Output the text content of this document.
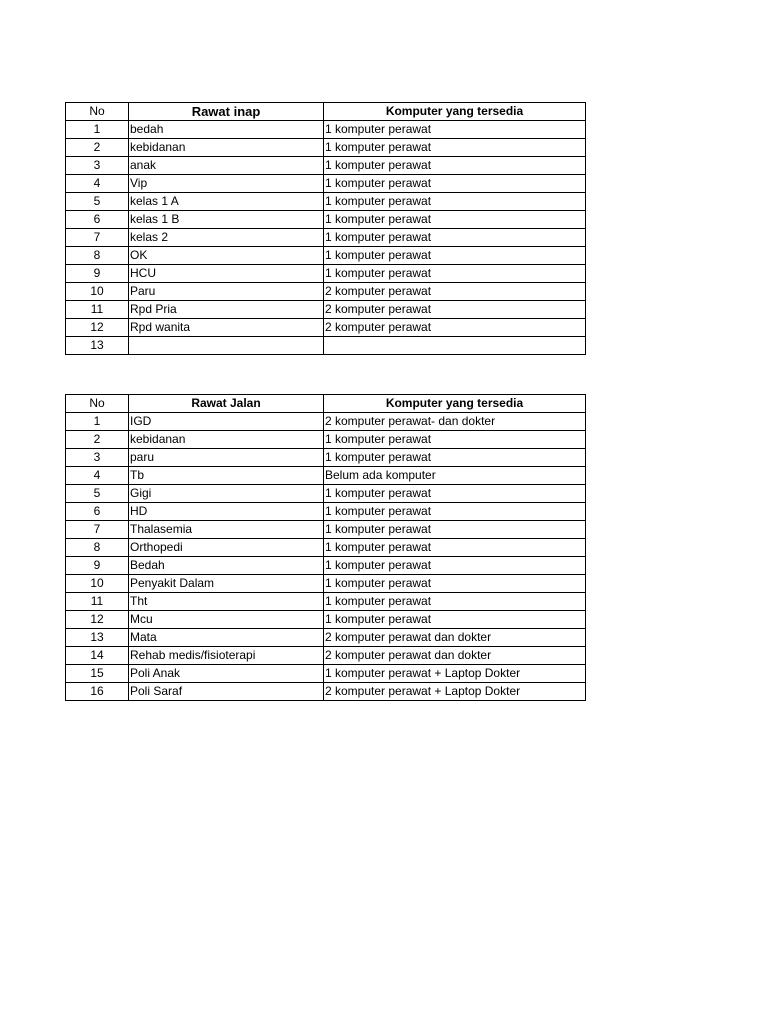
No	Rawat inap	Komputer yang tersedia
1	bedah	1 komputer perawat
2	kebidanan	1 komputer perawat
3	anak	1 komputer perawat
4	Vip	1 komputer perawat
5	kelas 1 A	1 komputer perawat
6	kelas 1 B	1 komputer perawat
7	kelas 2	1 komputer perawat
8	OK	1 komputer perawat
9	HCU	1 komputer perawat
10	Paru	2 komputer perawat
11	Rpd Pria	2 komputer perawat
12	Rpd wanita	2 komputer perawat
13		
No	Rawat Jalan	Komputer yang tersedia
1	IGD	2 komputer perawat- dan dokter
2	kebidanan	1 komputer perawat
3	paru	1 komputer perawat
4	Tb	Belum ada komputer
5	Gigi	1 komputer perawat
6	HD	1 komputer perawat
7	Thalasemia	1 komputer perawat
8	Orthopedi	1 komputer perawat
9	Bedah	1 komputer perawat
10	Penyakit Dalam	1 komputer perawat
11	Tht	1 komputer perawat
12	Mcu	1 komputer perawat
13	Mata	2 komputer perawat dan dokter
14	Rehab medis/fisioterapi	2 komputer perawat dan dokter
15	Poli Anak	1 komputer perawat + Laptop Dokter
16	Poli Saraf	2 komputer perawat + Laptop Dokter
